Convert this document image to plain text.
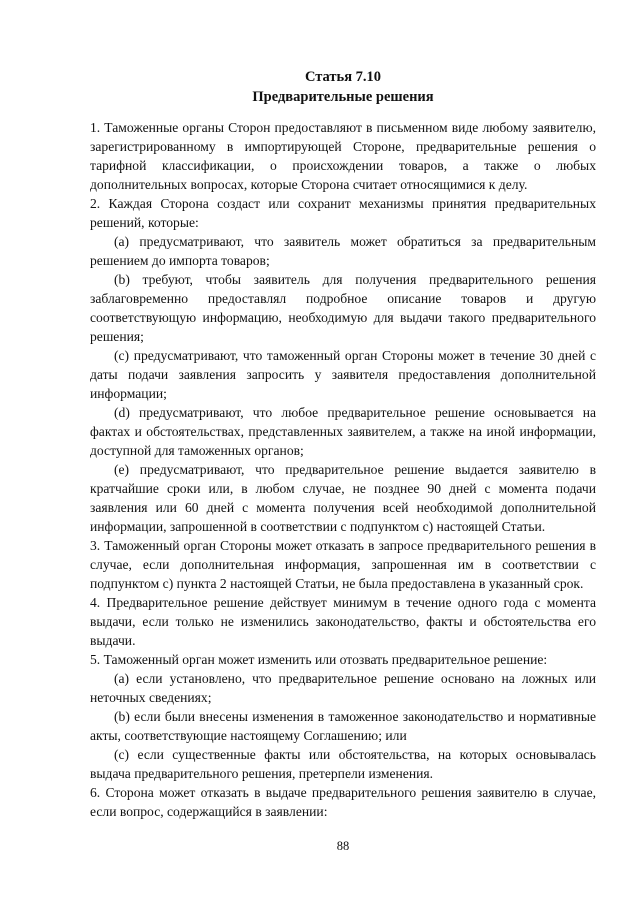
Статья 7.10
Предварительные решения

1. Таможенные органы Сторон предоставляют в письменном виде любому заявителю, зарегистрированному в импортирующей Стороне, предварительные решения о тарифной классификации, о происхождении товаров, а также о любых дополнительных вопросах, которые Сторона считает относящимися к делу.

2. Каждая Сторона создаст или сохранит механизмы принятия предварительных решений, которые:

(a) предусматривают, что заявитель может обратиться за предварительным решением до импорта товаров;

(b) требуют, чтобы заявитель для получения предварительного решения заблаговременно предоставлял подробное описание товаров и другую соответствующую информацию, необходимую для выдачи такого предварительного решения;

(c) предусматривают, что таможенный орган Стороны может в течение 30 дней с даты подачи заявления запросить у заявителя предоставления дополнительной информации;

(d) предусматривают, что любое предварительное решение основывается на фактах и обстоятельствах, представленных заявителем, а также на иной информации, доступной для таможенных органов;

(e) предусматривают, что предварительное решение выдается заявителю в кратчайшие сроки или, в любом случае, не позднее 90 дней с момента подачи заявления или 60 дней с момента получения всей необходимой дополнительной информации, запрошенной в соответствии с подпунктом с) настоящей Статьи.

3. Таможенный орган Стороны может отказать в запросе предварительного решения в случае, если дополнительная информация, запрошенная им в соответствии с подпунктом с) пункта 2 настоящей Статьи, не была предоставлена в указанный срок.

4. Предварительное решение действует минимум в течение одного года с момента выдачи, если только не изменились законодательство, факты и обстоятельства его выдачи.

5. Таможенный орган может изменить или отозвать предварительное решение:

(a) если установлено, что предварительное решение основано на ложных или неточных сведениях;

(b) если были внесены изменения в таможенное законодательство и нормативные акты, соответствующие настоящему Соглашению; или

(c) если существенные факты или обстоятельства, на которых основывалась выдача предварительного решения, претерпели изменения.

6. Сторона может отказать в выдаче предварительного решения заявителю в случае, если вопрос, содержащийся в заявлении:

88
